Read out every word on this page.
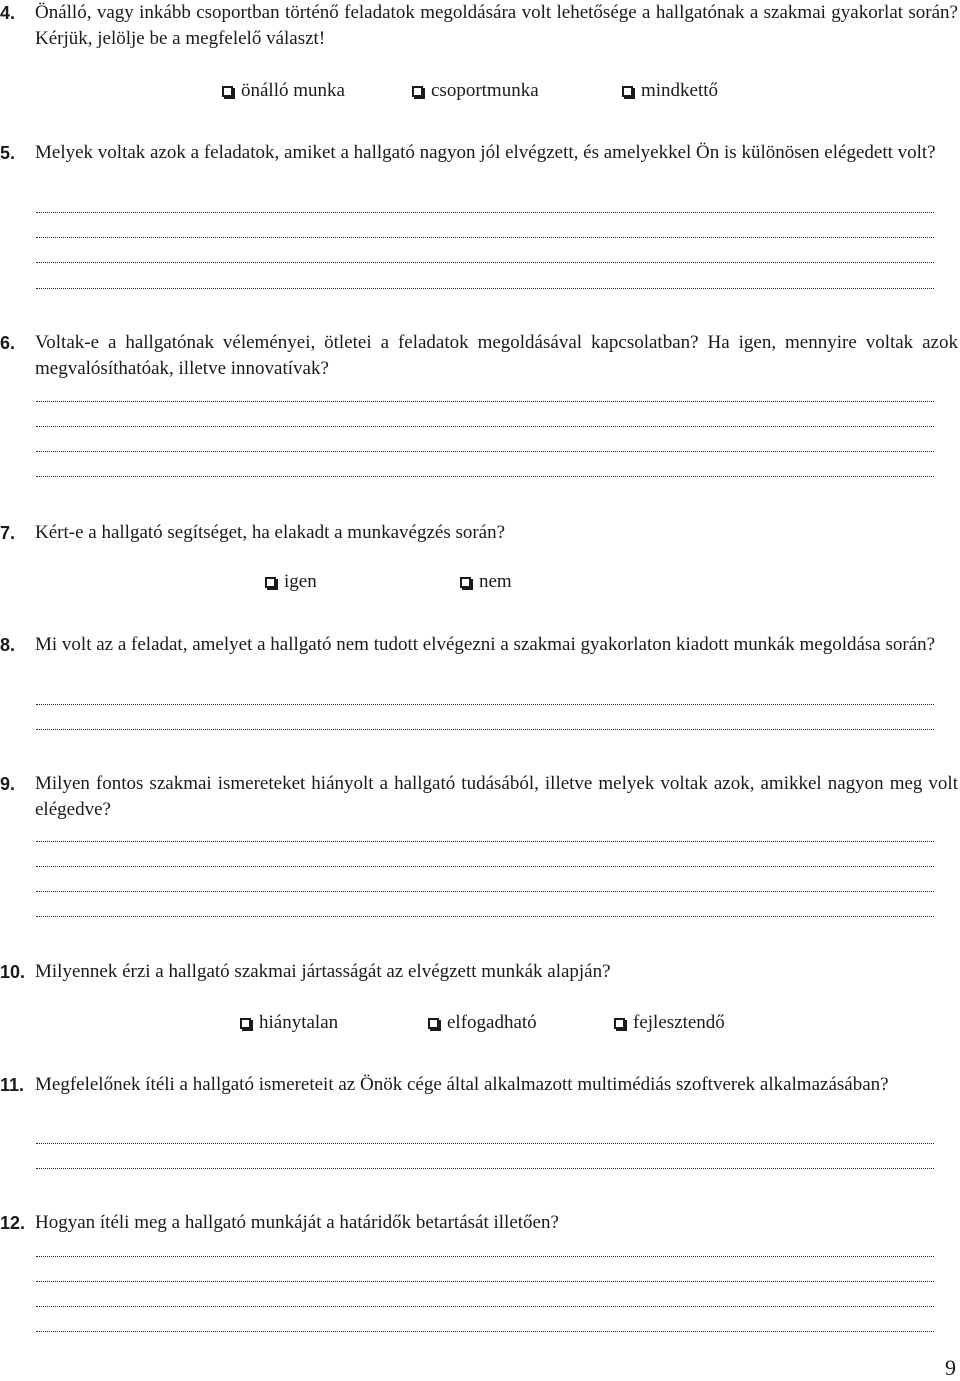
4.	Önálló, vagy inkább csoportban történő feladatok megoldására volt lehetősége a hallgatónak a szakmai gyakorlat során? Kérjük, jelölje be a megfelelő választ!
önálló munka	csoportmunka	mindkettő
5.	Melyek voltak azok a feladatok, amiket a hallgató nagyon jól elvégzett, és amelyekkel Ön is különösen elégedett volt?
6.	Voltak-e a hallgatónak véleményei, ötletei a feladatok megoldásával kapcsolatban? Ha igen, mennyire voltak azok megvalósíthatóak, illetve innovatívak?
7.	Kért-e a hallgató segítséget, ha elakadt a munkavégzés során?
igen	nem
8.	Mi volt az a feladat, amelyet a hallgató nem tudott elvégezni a szakmai gyakorlaton kiadott munkák megoldása során?
9.	Milyen fontos szakmai ismereteket hiányolt a hallgató tudásából, illetve melyek voltak azok, amikkel nagyon meg volt elégedve?
10. Milyennek érzi a hallgató szakmai jártasságát az elvégzett munkák alapján?
hiánytalan	elfogadható	fejlesztendő
11. Megfelelőnek ítéli a hallgató ismereteit az Önök cége által alkalmazott multimédiás szoftverek alkalmazásában?
12. Hogyan ítéli meg a hallgató munkáját a határidők betartását illetően?
9
